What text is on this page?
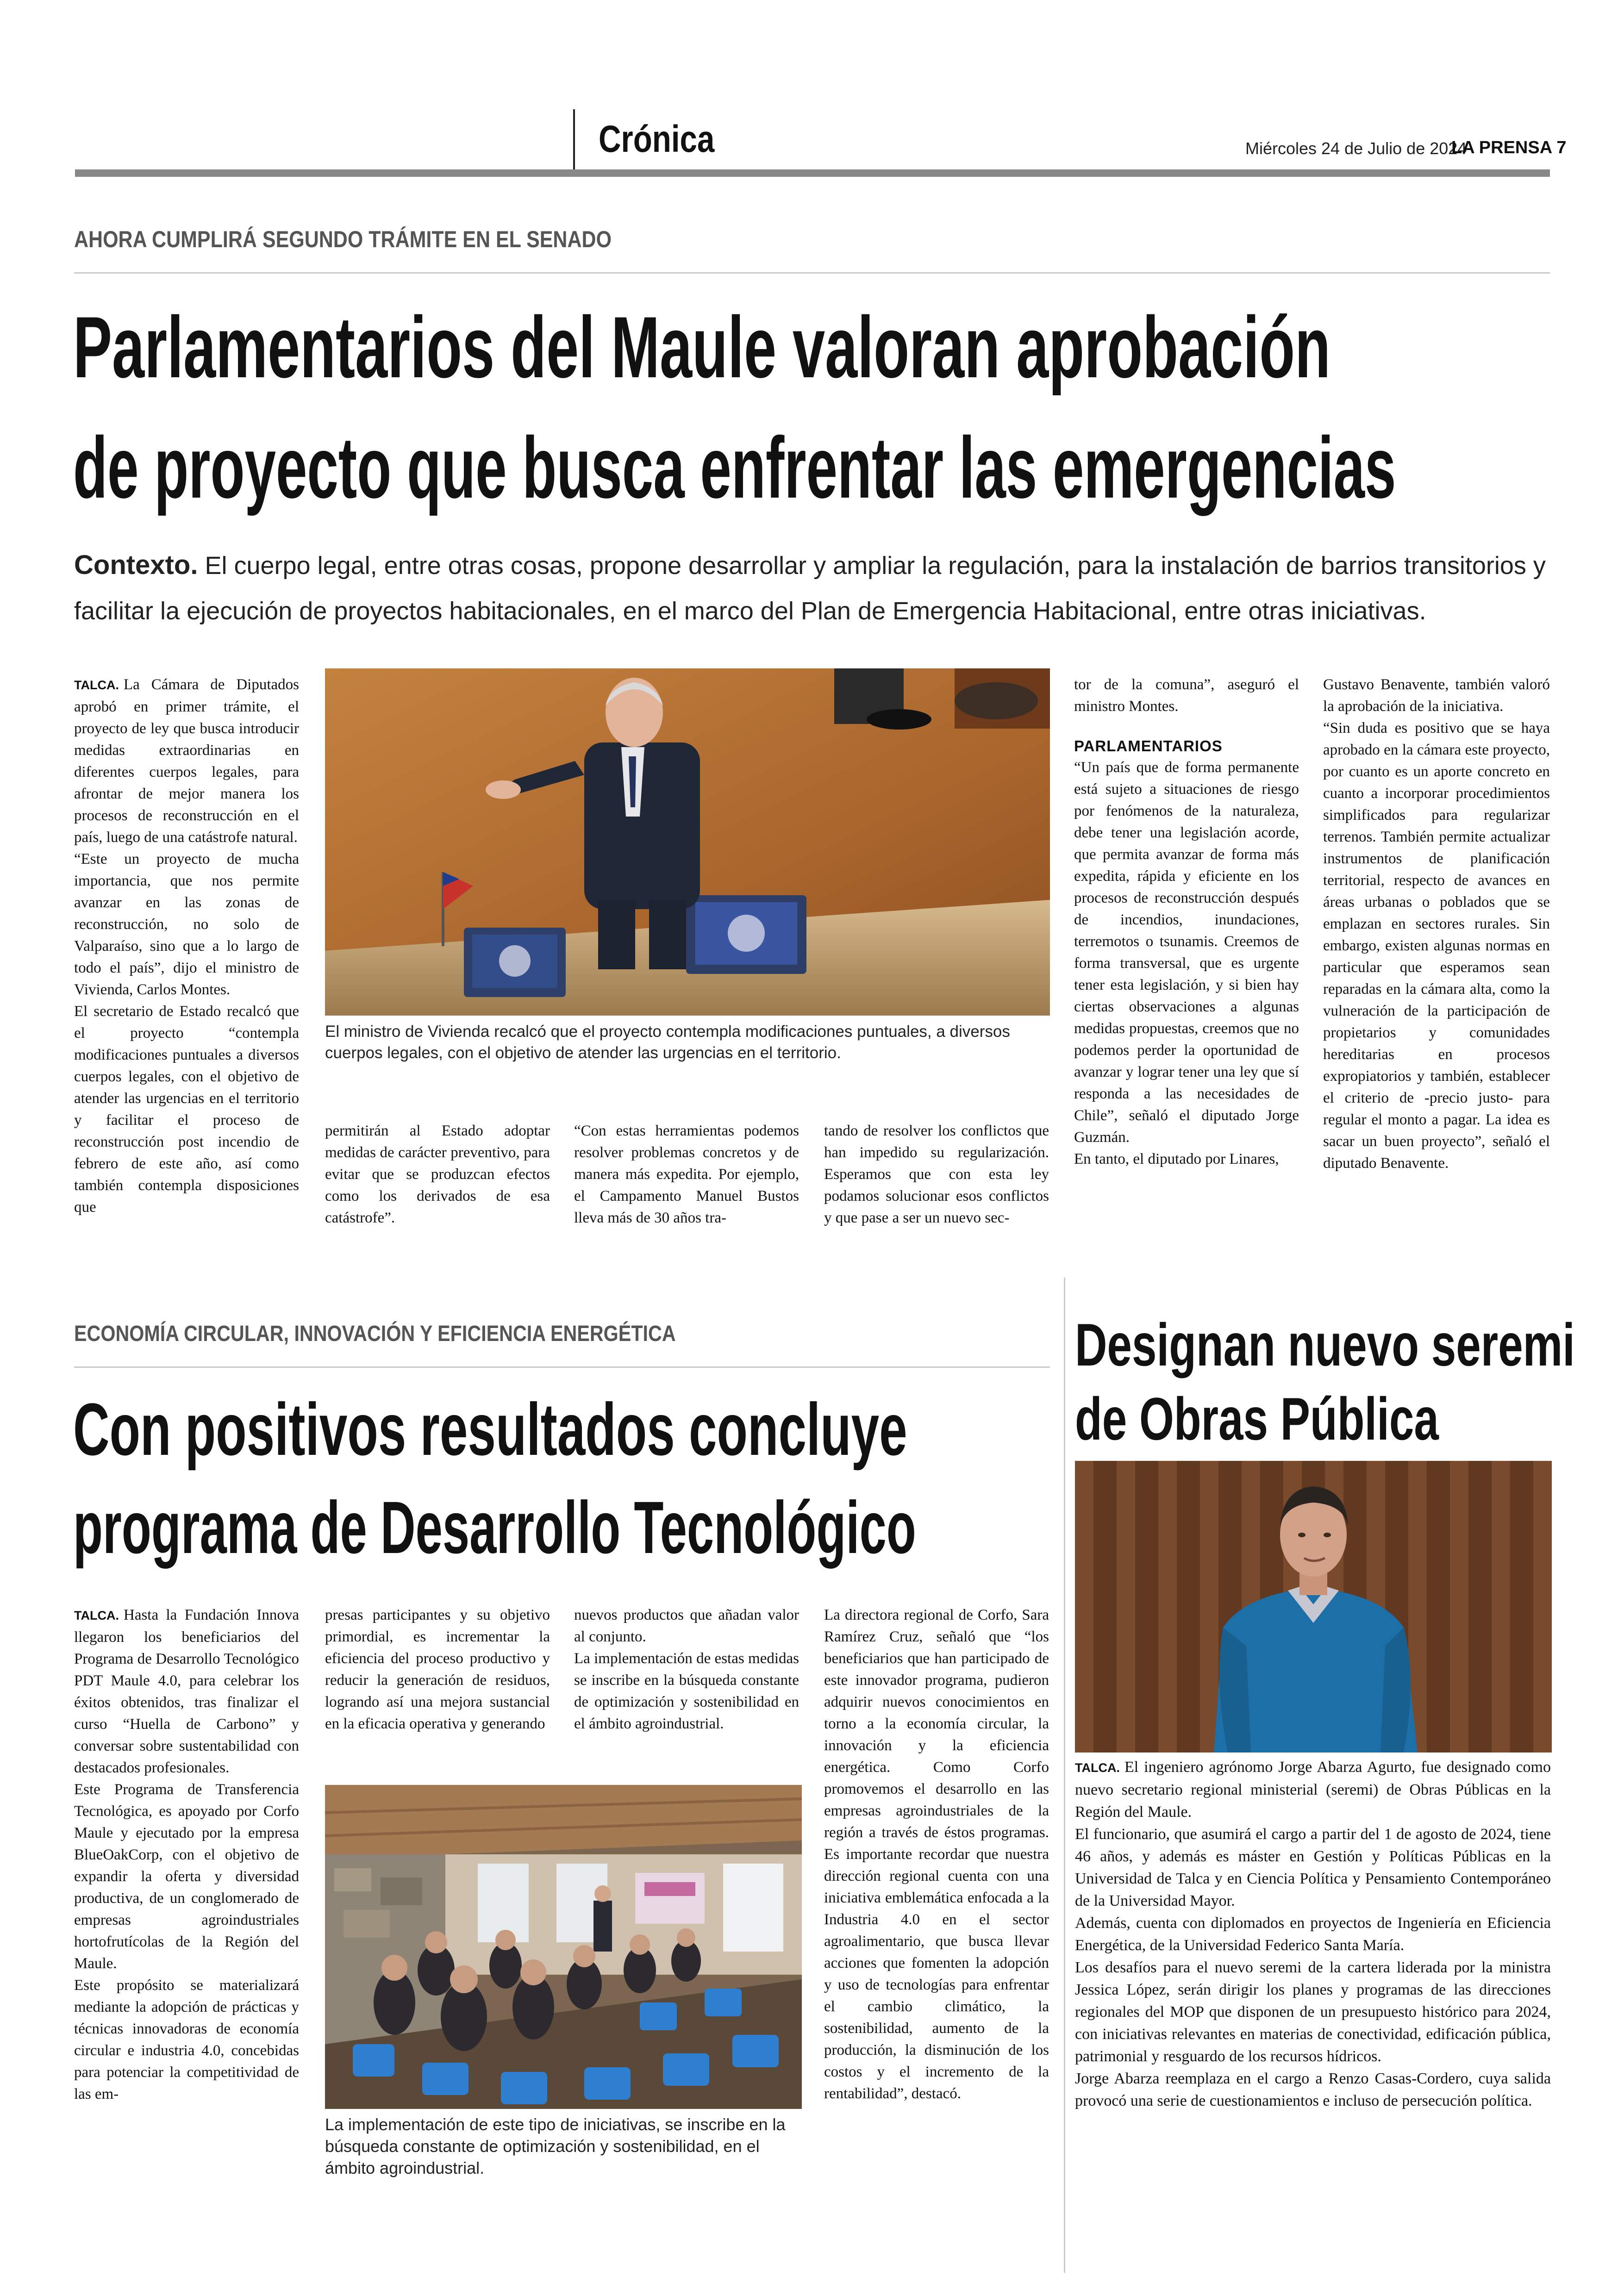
Crónica	Miércoles 24 de Julio de 2024
LA PRENSA 7
AHORA CUMPLIRÁ SEGUNDO TRÁMITE EN EL SENADO
Parlamentarios del Maule valoran aprobación
de proyecto que busca enfrentar las emergencias
Contexto. El cuerpo legal, entre otras cosas, propone desarrollar y ampliar la regulación, para la instalación de barrios transitorios y facilitar la ejecución de proyectos habitacionales, en el marco del Plan de Emergencia Habitacional, entre otras iniciativas.

TALCA. La Cámara de Diputados aprobó en primer trámite, el proyecto de ley que busca introducir medidas extraordinarias en diferentes cuerpos legales, para afrontar de mejor manera los procesos de reconstrucción en el país, luego de una catástrofe natural.

“Este un proyecto de mucha importancia, que nos permite avanzar en las zonas de reconstrucción, no solo de Valparaíso, sino que a lo largo de todo el país”, dijo el ministro de Vivienda, Carlos Montes.

El secretario de Estado recalcó que el proyecto “contempla modificaciones puntuales a diversos cuerpos legales, con el objetivo de atender las urgencias en el territorio y facilitar el proceso de reconstrucción post incendio de febrero de este año, así como también contempla disposiciones que

El ministro de Vivienda recalcó que el proyecto contempla modificaciones puntuales, a diversos cuerpos legales, con el objetivo de atender las urgencias en el territorio.

permitirán al Estado adoptar medidas de carácter preventivo, para evitar que se produzcan efectos como los derivados de esa catástrofe”.

“Con estas herramientas podemos resolver problemas concretos y de manera más expedita. Por ejemplo, el Campamento Manuel Bustos lleva más de 30 años tra-

tando de resolver los conflictos que han impedido su regularización. Esperamos que con esta ley podamos solucionar esos conflictos y que pase a ser un nuevo sec-

tor de la comuna”, aseguró el ministro Montes.

PARLAMENTARIOS

“Un país que de forma permanente está sujeto a situaciones de riesgo por fenómenos de la naturaleza, debe tener una legislación acorde, que permita avanzar de forma más expedita, rápida y eficiente en los procesos de reconstrucción después de incendios, inundaciones, terremotos o tsunamis. Creemos de forma transversal, que es urgente tener esta legislación, y si bien hay ciertas observaciones a algunas medidas propuestas, creemos que no podemos perder la oportunidad de avanzar y lograr tener una ley que sí responda a las necesidades de Chile”, señaló el diputado Jorge Guzmán.

En tanto, el diputado por Linares,

Gustavo Benavente, también valoró la aprobación de la iniciativa.

“Sin duda es positivo que se haya aprobado en la cámara este proyecto, por cuanto es un aporte concreto en cuanto a incorporar procedimientos simplificados para regularizar terrenos. También permite actualizar instrumentos de planificación territorial, respecto de avances en áreas urbanas o poblados que se emplazan en sectores rurales. Sin embargo, existen algunas normas en particular que esperamos sean reparadas en la cámara alta, como la vulneración de la participación de propietarios y comunidades hereditarias en procesos expropiatorios y también, establecer el criterio de -precio justo- para regular el monto a pagar. La idea es sacar un buen proyecto”, señaló el diputado Benavente.

ECONOMÍA CIRCULAR, INNOVACIÓN Y EFICIENCIA ENERGÉTICA
Con positivos resultados concluye
programa de Desarrollo Tecnológico

TALCA. Hasta la Fundación Innova llegaron los beneficiarios del Programa de Desarrollo Tecnológico PDT Maule 4.0, para celebrar los éxitos obtenidos, tras finalizar el curso “Huella de Carbono” y conversar sobre sustentabilidad con destacados profesionales.

Este Programa de Transferencia Tecnológica, es apoyado por Corfo Maule y ejecutado por la empresa BlueOakCorp, con el objetivo de expandir la oferta y diversidad productiva, de un conglomerado de empresas agroindustriales hortofrutícolas de la Región del Maule.

Este propósito se materializará mediante la adopción de prácticas y técnicas innovadoras de economía circular e industria 4.0, concebidas para potenciar la competitividad de las em-

presas participantes y su objetivo primordial, es incrementar la eficiencia del proceso productivo y reducir la generación de residuos, logrando así una mejora sustancial en la eficacia operativa y generando

nuevos productos que añadan valor al conjunto.

La implementación de estas medidas se inscribe en la búsqueda constante de optimización y sostenibilidad en el ámbito agroindustrial.

La implementación de este tipo de iniciativas, se inscribe en la búsqueda constante de optimización y sostenibilidad, en el ámbito agroindustrial.

La directora regional de Corfo, Sara Ramírez Cruz, señaló que “los beneficiarios que han participado de este innovador programa, pudieron adquirir nuevos conocimientos en torno a la economía circular, la innovación y la eficiencia energética. Como Corfo promovemos el desarrollo en las empresas agroindustriales de la región a través de éstos programas. Es importante recordar que nuestra dirección regional cuenta con una iniciativa emblemática enfocada a la Industria 4.0 en el sector agroalimentario, que busca llevar acciones que fomenten la adopción y uso de tecnologías para enfrentar el cambio climático, la sostenibilidad, aumento de la producción, la disminución de los costos y el incremento de la rentabilidad”, destacó.

Designan nuevo seremi
de Obras Pública

TALCA. El ingeniero agrónomo Jorge Abarza Agurto, fue designado como nuevo secretario regional ministerial (seremi) de Obras Públicas en la Región del Maule.

El funcionario, que asumirá el cargo a partir del 1 de agosto de 2024, tiene 46 años, y además es máster en Gestión y Políticas Públicas en la Universidad de Talca y en Ciencia Política y Pensamiento Contemporáneo de la Universidad Mayor.

Además, cuenta con diplomados en proyectos de Ingeniería en Eficiencia Energética, de la Universidad Federico Santa María.

Los desafíos para el nuevo seremi de la cartera liderada por la ministra Jessica López, serán dirigir los planes y programas de las direcciones regionales del MOP que disponen de un presupuesto histórico para 2024, con iniciativas relevantes en materias de conectividad, edificación pública, patrimonial y resguardo de los recursos hídricos.

Jorge Abarza reemplaza en el cargo a Renzo Casas-Cordero, cuya salida provocó una serie de cuestionamientos e incluso de persecución política.
